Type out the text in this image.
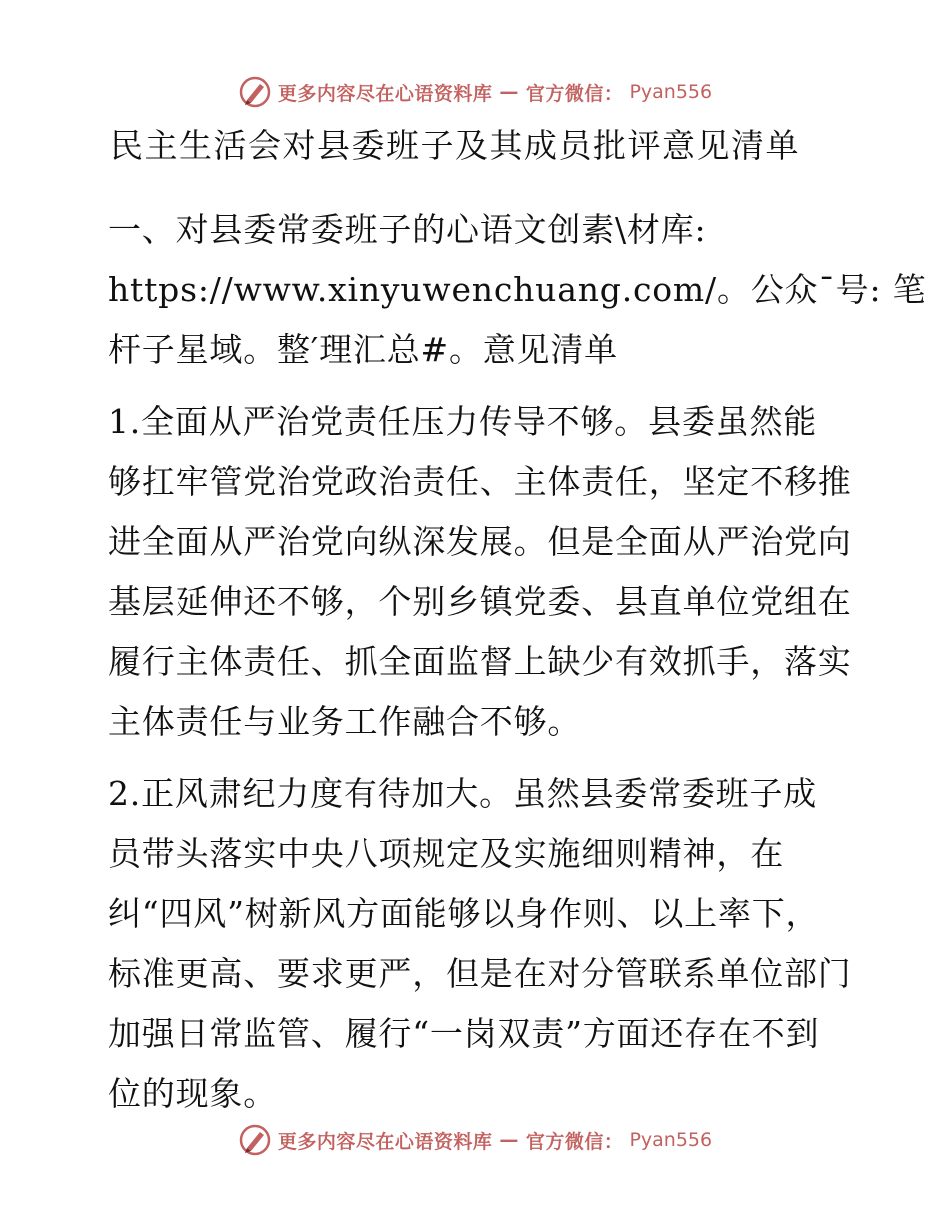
更多内容尽在心语资料库 — 官方微信： Pyan556
民主生活会对县委班子及其成员批评意见清单

一、对县委常委班子的心语文创素\材库:
https://www.xinyuwenchuang.com/。公众¯号: 笔
杆子星域。整′理汇总#。意见清单

1.全面从严治党责任压力传导不够。县委虽然能
够扛牢管党治党政治责任、主体责任，坚定不移推
进全面从严治党向纵深发展。但是全面从严治党向
基层延伸还不够，个别乡镇党委、县直单位党组在
履行主体责任、抓全面监督上缺少有效抓手，落实
主体责任与业务工作融合不够。

2.正风肃纪力度有待加大。虽然县委常委班子成
员带头落实中央八项规定及实施细则精神，在
纠“四风”树新风方面能够以身作则、以上率下，
标准更高、要求更严，但是在对分管联系单位部门
加强日常监管、履行“一岗双责”方面还存在不到
位的现象。

更多内容尽在心语资料库 — 官方微信： Pyan556
